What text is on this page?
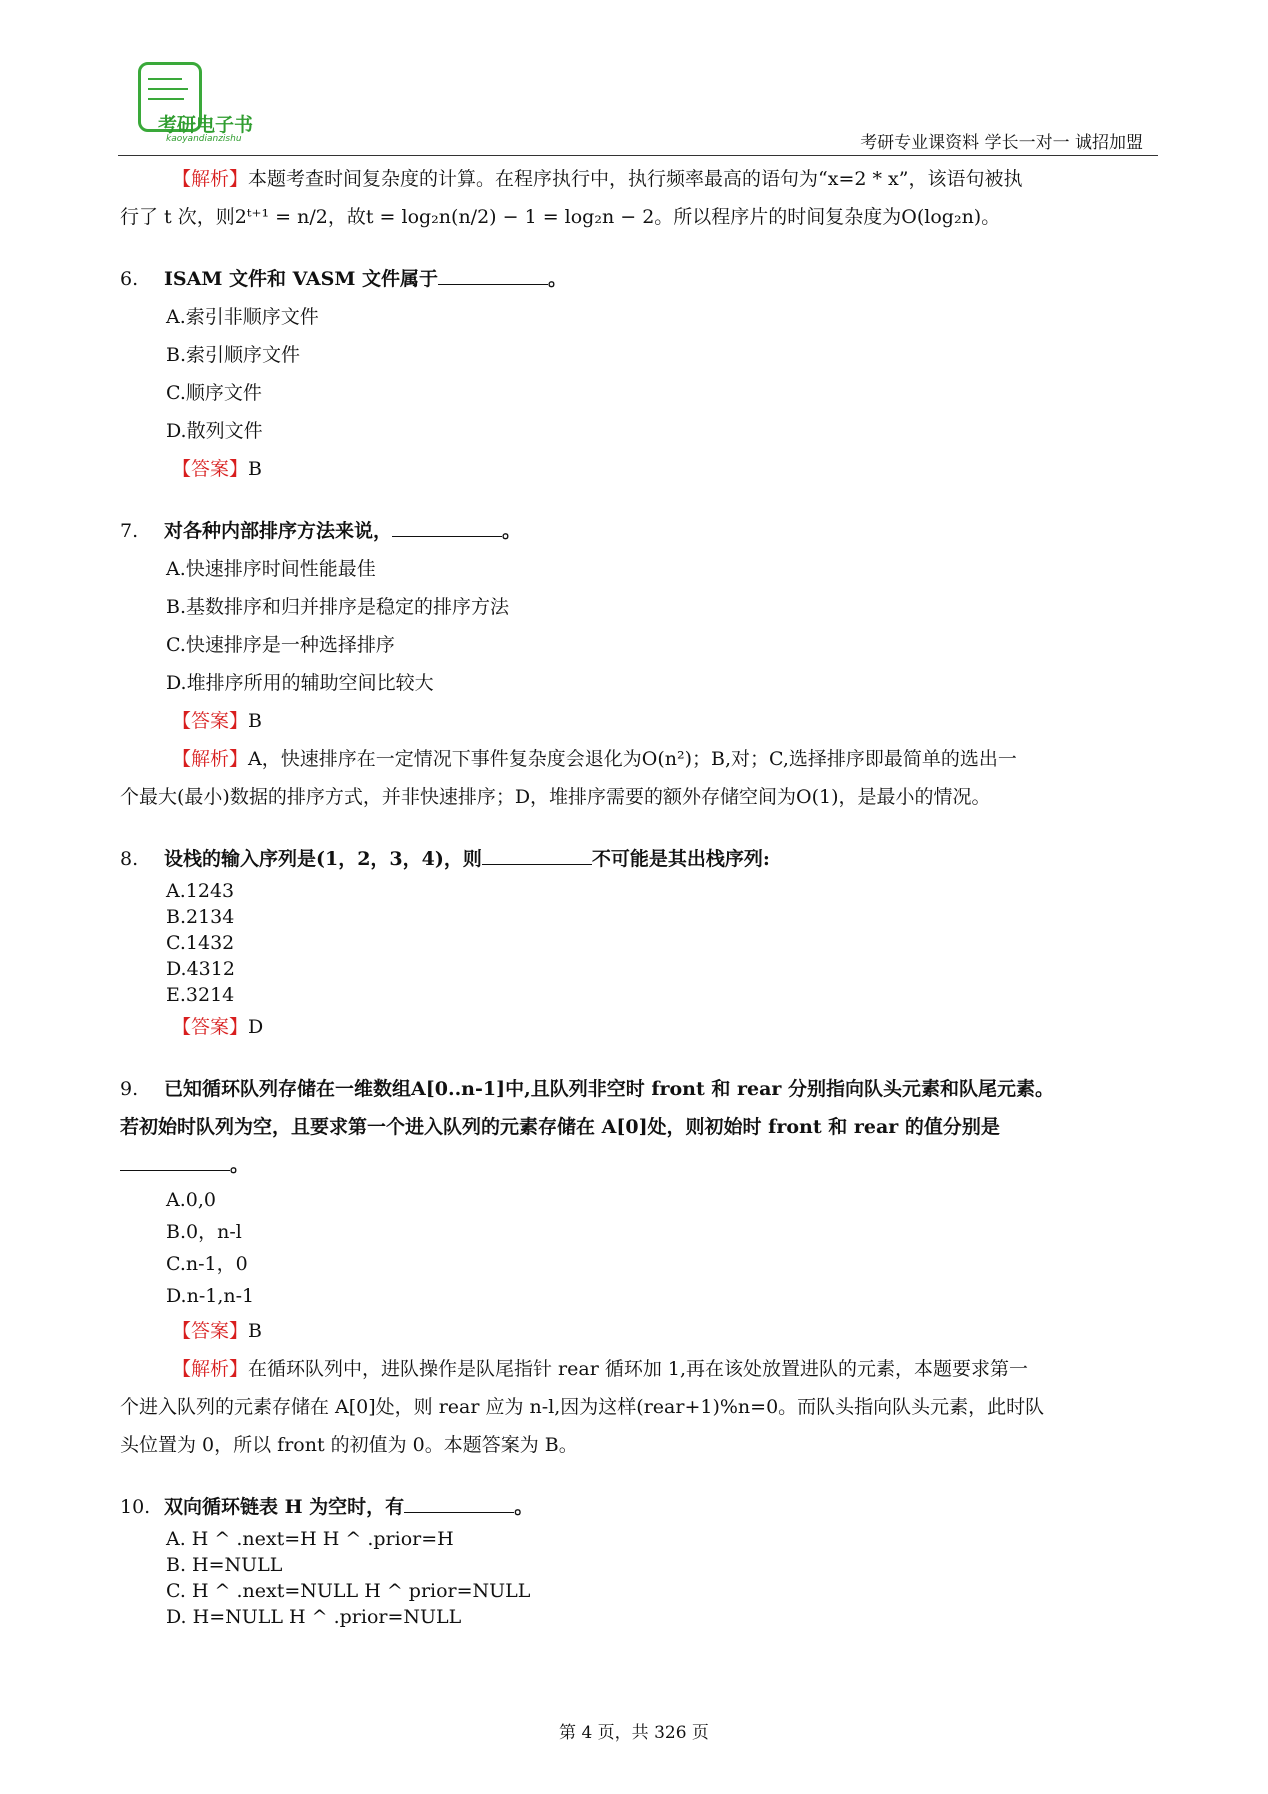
考研电子书
kaoyandianzishu	考研专业课资料 学长一对一 诚招加盟

【解析】本题考查时间复杂度的计算。在程序执行中，执行频率最高的语句为“x=2 * x”，该语句被执

行了 t 次，则2ᵗ⁺¹ = n/2，故t = log₂n(n/2) − 1 = log₂n − 2。所以程序片的时间复杂度为O(log₂n)。

6. ISAM 文件和 VASM 文件属于	。
A.索引非顺序文件
B.索引顺序文件
C.顺序文件
D.散列文件
【答案】B
7. 对各种内部排序方法来说，	。
A.快速排序时间性能最佳
B.基数排序和归并排序是稳定的排序方法
C.快速排序是一种选择排序
D.堆排序所用的辅助空间比较大
【答案】B

【解析】A，快速排序在一定情况下事件复杂度会退化为O(n²)；B,对；C,选择排序即最简单的选出一

个最大(最小)数据的排序方式，并非快速排序；D，堆排序需要的额外存储空间为O(1)，是最小的情况。

8. 设栈的输入序列是(1，2，3，4)，则	不可能是其出栈序列:
A.1243
B.2134
C.1432
D.4312
E.3214
【答案】D
9. 已知循环队列存储在一维数组A[0..n-1]中,且队列非空时 front 和 rear 分别指向队头元素和队尾元素。
若初始时队列为空，且要求第一个进入队列的元素存储在 A[0]处，则初始时 front 和 rear 的值分别是
。
A.0,0
B.0，n-l
C.n-1，0
D.n-1,n-1
【答案】B

【解析】在循环队列中，进队操作是队尾指针 rear 循环加 1,再在该处放置进队的元素，本题要求第一

个进入队列的元素存储在 A[0]处，则 rear 应为 n-l,因为这样(rear+1)%n=0。而队头指向队头元素，此时队

头位置为 0，所以 front 的初值为 0。本题答案为 B。

10. 双向循环链表 H 为空时，有	。
A. H ^ .next=H H ^ .prior=H
B. H=NULL
C. H ^ .next=NULL H ^ prior=NULL
D. H=NULL H ^ .prior=NULL
第 4 页，共 326 页
